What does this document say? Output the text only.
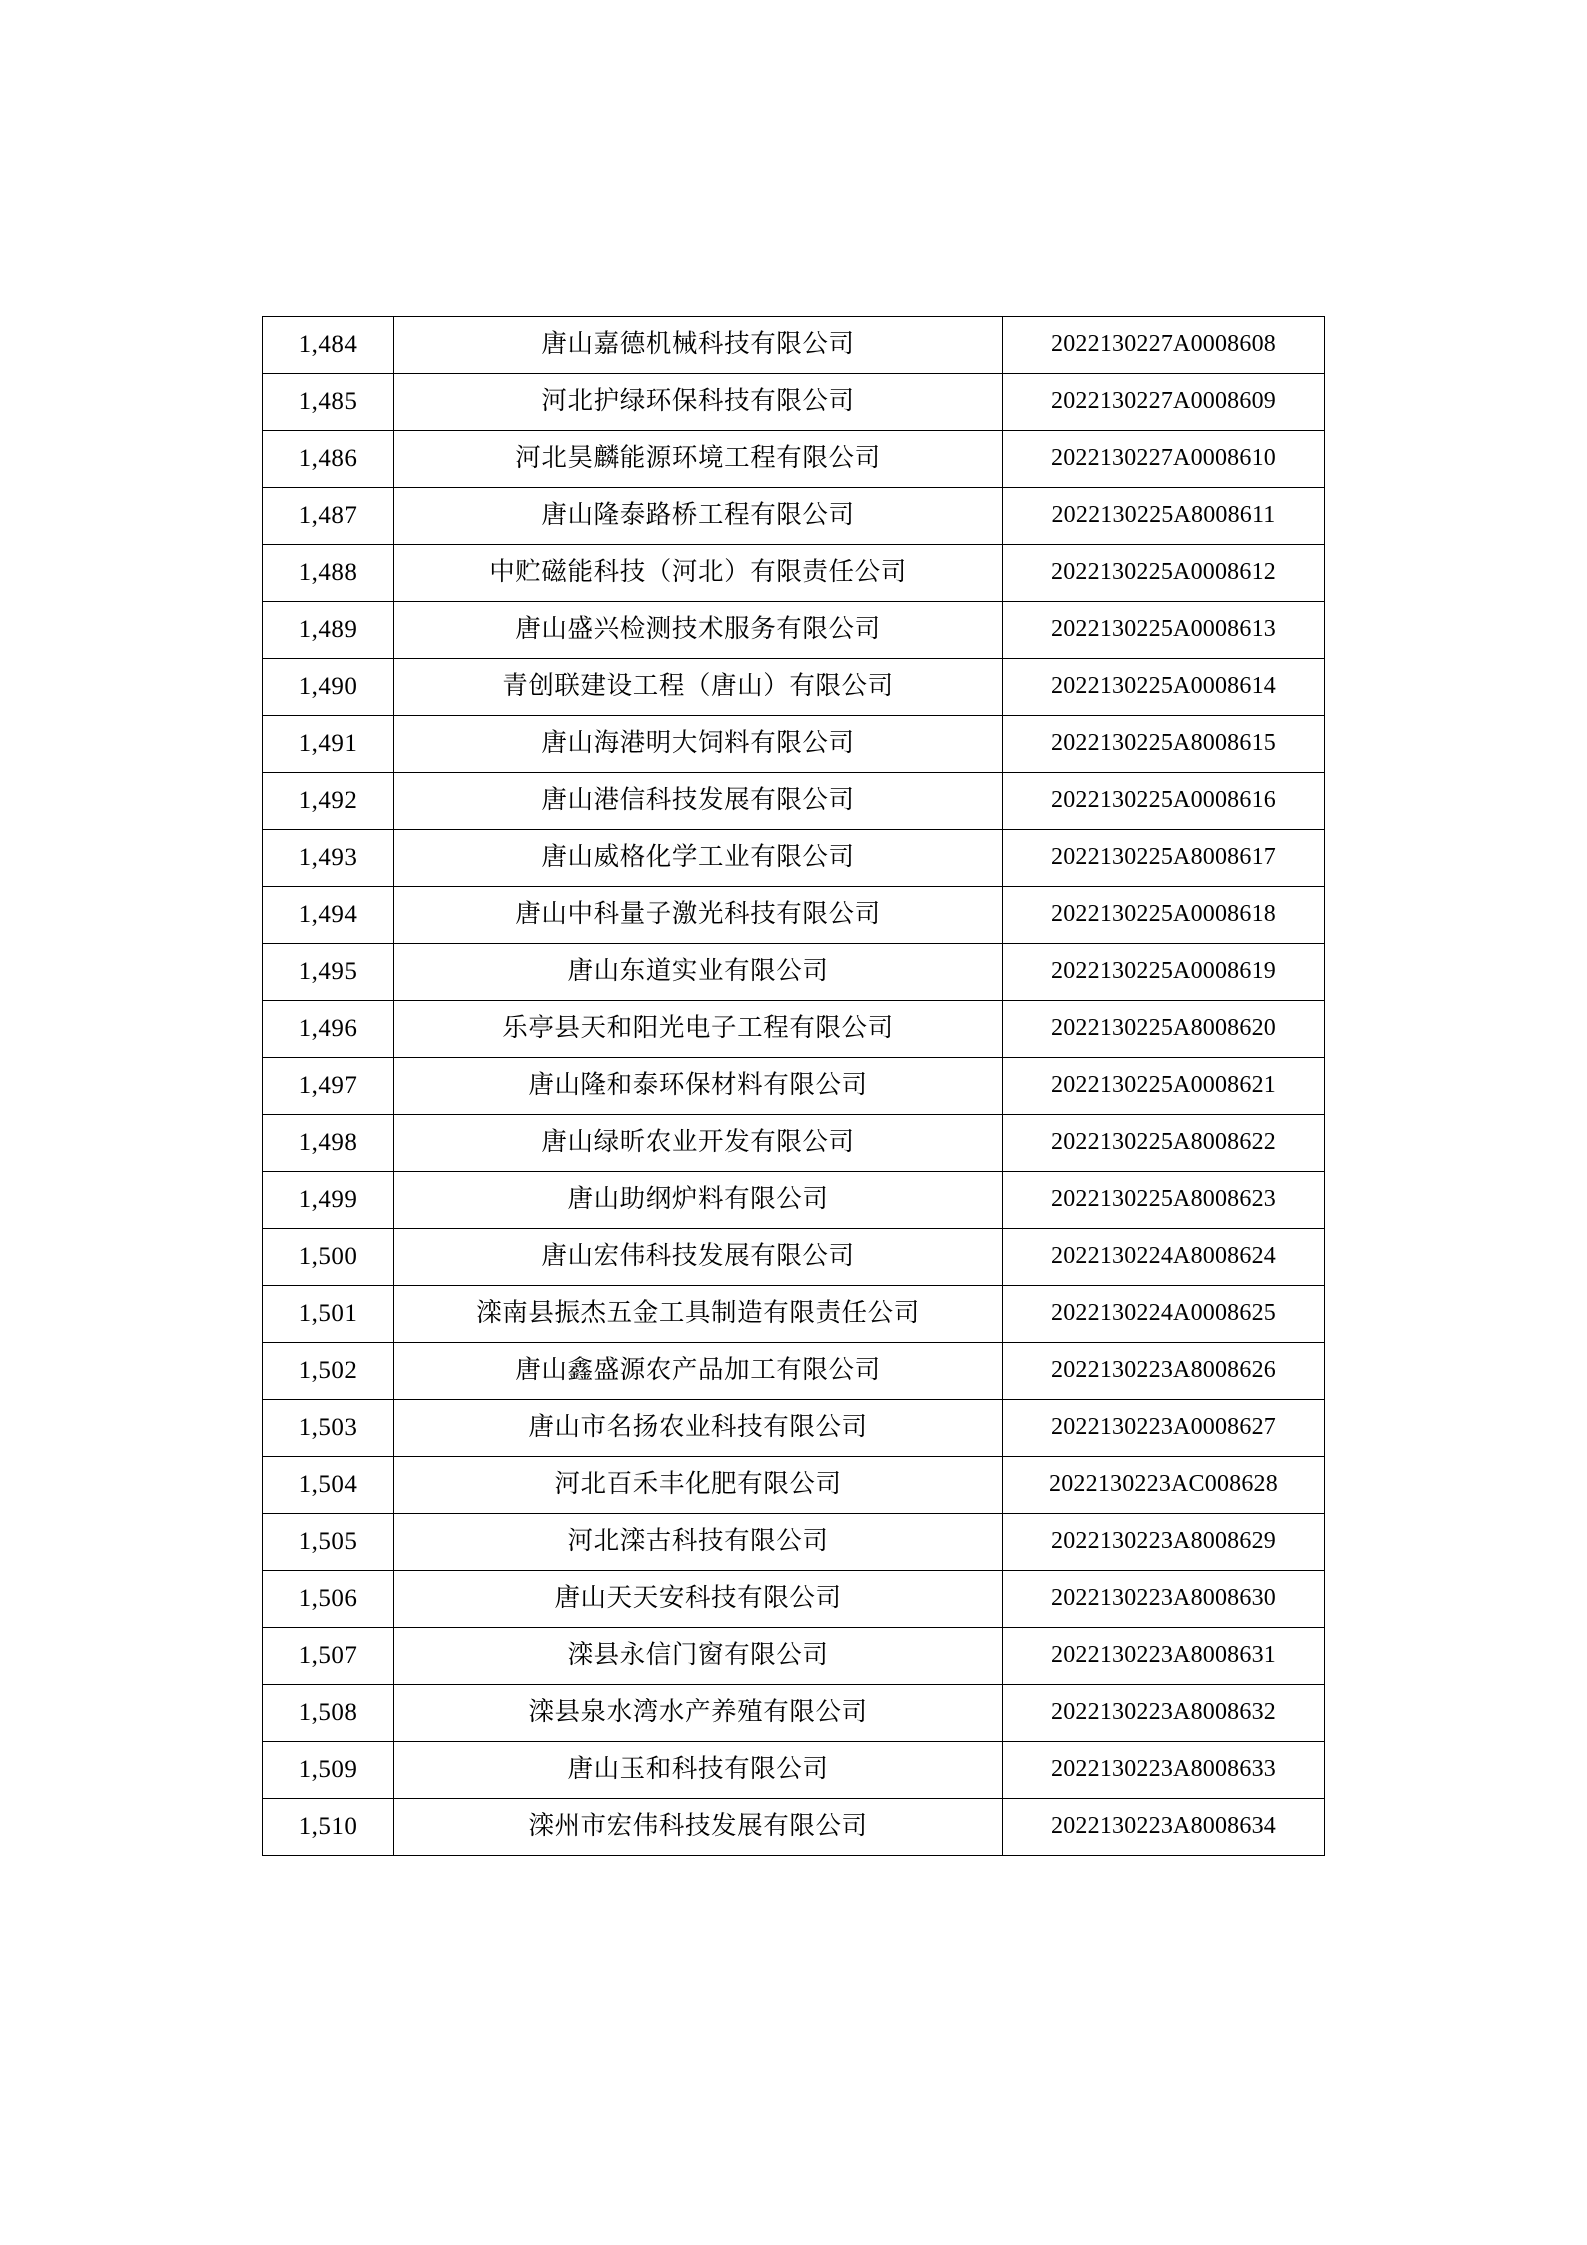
1,484	唐山嘉德机械科技有限公司	2022130227A0008608
1,485	河北护绿环保科技有限公司	2022130227A0008609
1,486	河北昊麟能源环境工程有限公司	2022130227A0008610
1,487	唐山隆泰路桥工程有限公司	2022130225A8008611
1,488	中贮磁能科技（河北）有限责任公司	2022130225A0008612
1,489	唐山盛兴检测技术服务有限公司	2022130225A0008613
1,490	青创联建设工程（唐山）有限公司	2022130225A0008614
1,491	唐山海港明大饲料有限公司	2022130225A8008615
1,492	唐山港信科技发展有限公司	2022130225A0008616
1,493	唐山威格化学工业有限公司	2022130225A8008617
1,494	唐山中科量子激光科技有限公司	2022130225A0008618
1,495	唐山东道实业有限公司	2022130225A0008619
1,496	乐亭县天和阳光电子工程有限公司	2022130225A8008620
1,497	唐山隆和泰环保材料有限公司	2022130225A0008621
1,498	唐山绿昕农业开发有限公司	2022130225A8008622
1,499	唐山助纲炉料有限公司	2022130225A8008623
1,500	唐山宏伟科技发展有限公司	2022130224A8008624
1,501	滦南县振杰五金工具制造有限责任公司	2022130224A0008625
1,502	唐山鑫盛源农产品加工有限公司	2022130223A8008626
1,503	唐山市名扬农业科技有限公司	2022130223A0008627
1,504	河北百禾丰化肥有限公司	2022130223AC008628
1,505	河北滦古科技有限公司	2022130223A8008629
1,506	唐山天天安科技有限公司	2022130223A8008630
1,507	滦县永信门窗有限公司	2022130223A8008631
1,508	滦县泉水湾水产养殖有限公司	2022130223A8008632
1,509	唐山玉和科技有限公司	2022130223A8008633
1,510	滦州市宏伟科技发展有限公司	2022130223A8008634
